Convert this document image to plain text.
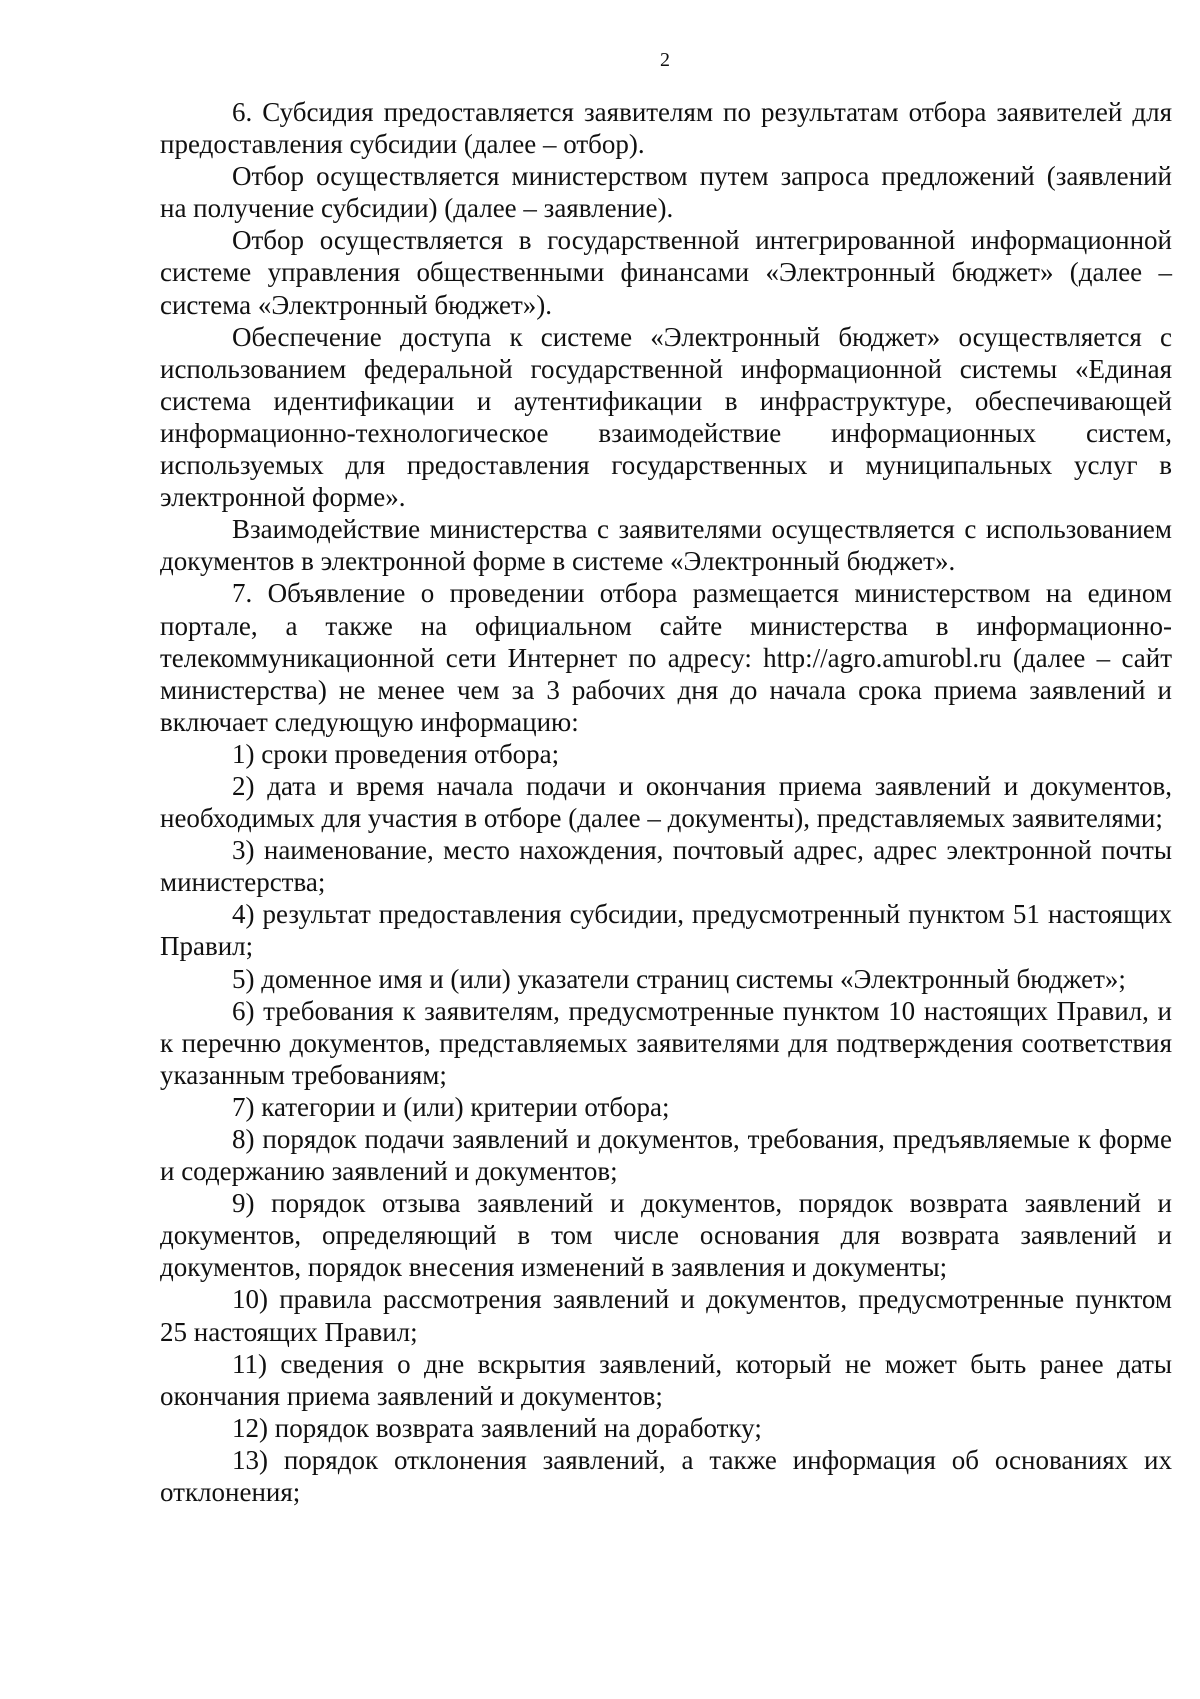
2

6. Субсидия предоставляется заявителям по результатам отбора заявителей для предоставления субсидии (далее – отбор).

Отбор осуществляется министерством путем запроса предложений (заявлений на получение субсидии) (далее – заявление).

Отбор осуществляется в государственной интегрированной информационной системе управления общественными финансами «Электронный бюджет» (далее – система «Электронный бюджет»).

Обеспечение доступа к системе «Электронный бюджет» осуществляется с использованием федеральной государственной информационной системы «Единая система идентификации и аутентификации в инфраструктуре, обеспечивающей информационно-технологическое взаимодействие информационных систем, используемых для предоставления государственных и муниципальных услуг в электронной форме».

Взаимодействие министерства с заявителями осуществляется с использованием документов в электронной форме в системе «Электронный бюджет».

7. Объявление о проведении отбора размещается министерством на едином портале, а также на официальном сайте министерства в информационно-телекоммуникационной сети Интернет по адресу: http://agro.amurobl.ru (далее – сайт министерства) не менее чем за 3 рабочих дня до начала срока приема заявлений и включает следующую информацию:

1) сроки проведения отбора;

2) дата и время начала подачи и окончания приема заявлений и документов, необходимых для участия в отборе (далее – документы), представляемых заявителями;

3) наименование, место нахождения, почтовый адрес, адрес электронной почты министерства;

4) результат предоставления субсидии, предусмотренный пунктом 51 настоящих Правил;

5) доменное имя и (или) указатели страниц системы «Электронный бюджет»;

6) требования к заявителям, предусмотренные пунктом 10 настоящих Правил, и к перечню документов, представляемых заявителями для подтверждения соответствия указанным требованиям;

7) категории и (или) критерии отбора;

8) порядок подачи заявлений и документов, требования, предъявляемые к форме и содержанию заявлений и документов;

9) порядок отзыва заявлений и документов, порядок возврата заявлений и документов, определяющий в том числе основания для возврата заявлений и документов, порядок внесения изменений в заявления и документы;

10) правила рассмотрения заявлений и документов, предусмотренные пунктом 25 настоящих Правил;

11) сведения о дне вскрытия заявлений, который не может быть ранее даты окончания приема заявлений и документов;

12) порядок возврата заявлений на доработку;

13) порядок отклонения заявлений, а также информация об основаниях их отклонения;
